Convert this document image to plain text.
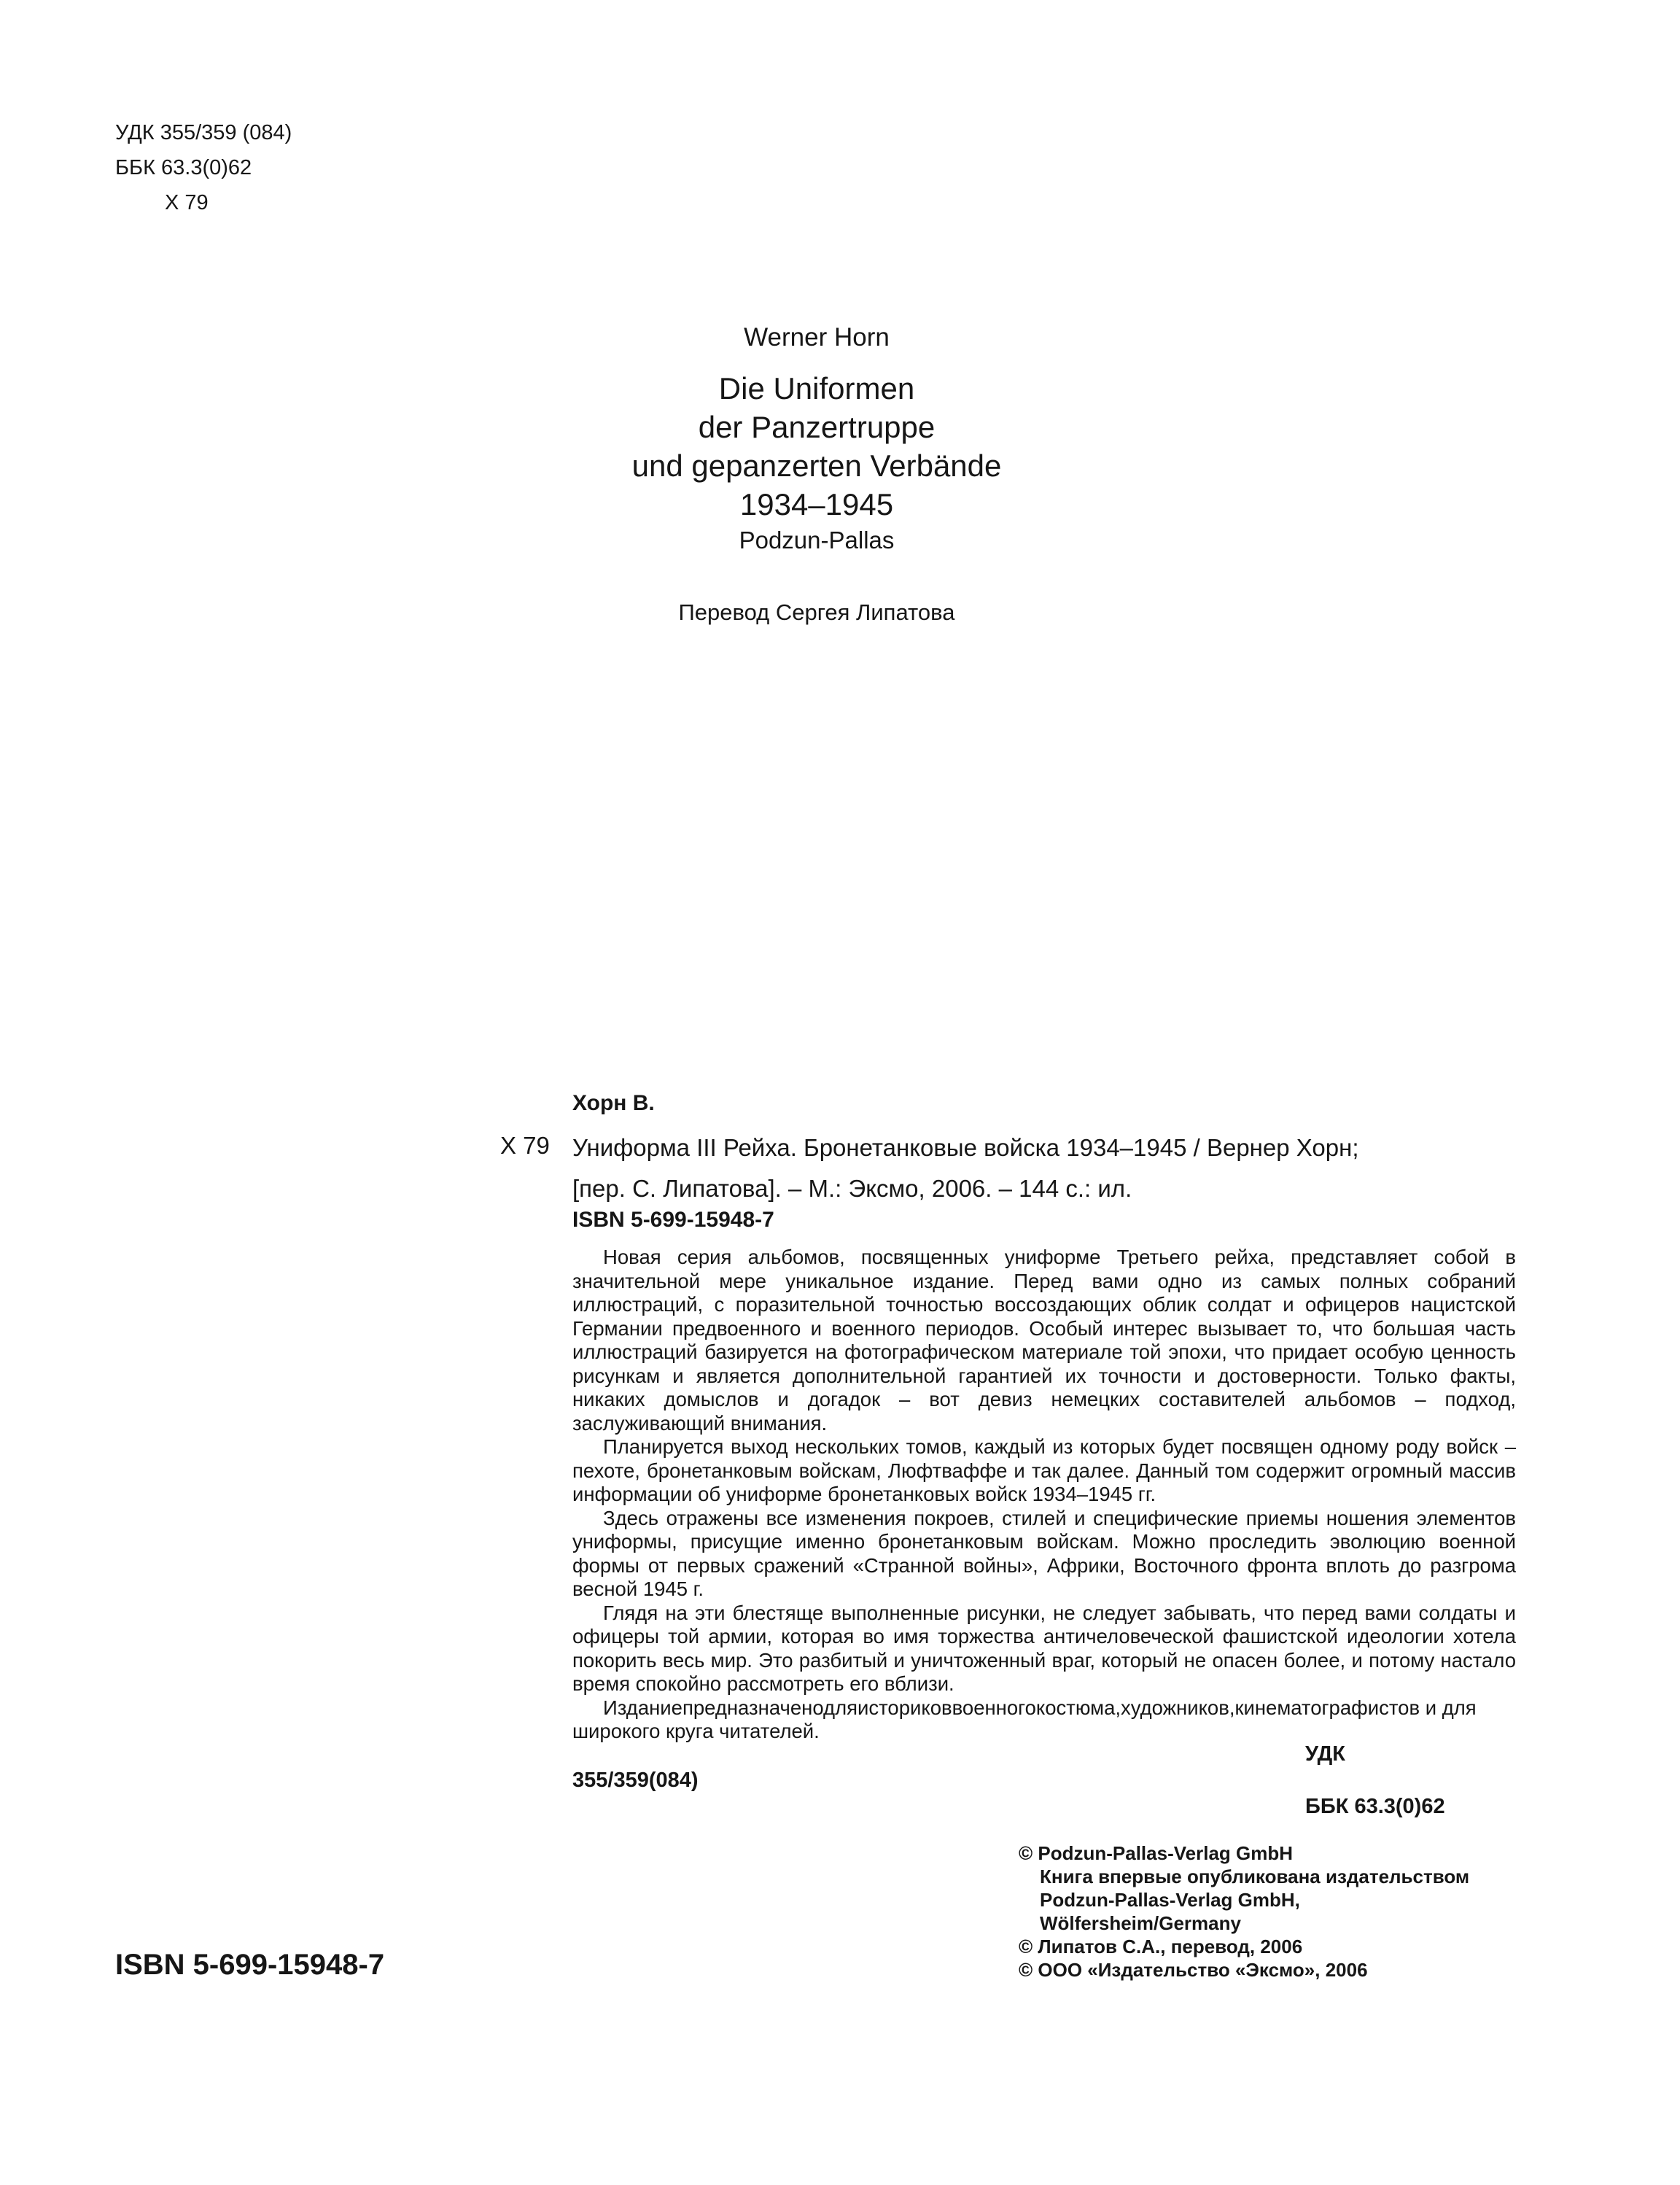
УДК 355/359 (084)
ББК 63.3(0)62
Х 79
Werner Horn
Die Uniformen
der Panzertruppe
und gepanzerten Verbände
1934–1945
Podzun-Pallas
Перевод Сергея Липатова
Хорн В.
Х 79 Униформа III Рейха. Бронетанковые войска 1934–1945 / Вернер Хорн;
[пер. С. Липатова]. – М.: Эксмо, 2006. – 144 с.: ил.
ISBN 5-699-15948-7

Новая серия альбомов, посвященных униформе Третьего рейха, представляет собой в значительной мере уникальное издание. Перед вами одно из самых полных собраний иллюстраций, с поразительной точностью воссоздающих облик солдат и офицеров нацистской Германии предвоенного и военного периодов. Особый интерес вызывает то, что большая часть иллюстраций базируется на фотографическом материале той эпохи, что придает особую ценность рисункам и является дополнительной гарантией их точности и достоверности. Только факты, никаких домыслов и догадок – вот девиз немецких составителей альбомов – подход, заслуживающий внимания.

Планируется выход нескольких томов, каждый из которых будет посвящен одному роду войск – пехоте, бронетанковым войскам, Люфтваффе и так далее. Данный том содержит огромный массив информации об униформе бронетанковых войск 1934–1945 гг.

Здесь отражены все изменения покроев, стилей и специфические приемы ношения элементов униформы, присущие именно бронетанковым войскам. Можно проследить эволюцию военной формы от первых сражений «Странной войны», Африки, Восточного фронта вплоть до разгрома весной 1945 г.

Глядя на эти блестяще выполненные рисунки, не следует забывать, что перед вами солдаты и офицеры той армии, которая во имя торжества античеловеческой фашистской идеологии хотела покорить весь мир. Это разбитый и уничтоженный враг, который не опасен более, и потому настало время спокойно рассмотреть его вблизи.

Изданиепредназначенодляисториковвоенногокостюма,художников,кинематографистов и для широкого круга читателей.

УДК
355/359(084)
ББК 63.3(0)62
© Podzun-Pallas-Verlag GmbH
Книга впервые опубликована издательством
Podzun-Pallas-Verlag GmbH,
Wölfersheim/Germany
© Липатов С.А., перевод, 2006
© ООО «Издательство «Эксмо», 2006
ISBN 5-699-15948-7
